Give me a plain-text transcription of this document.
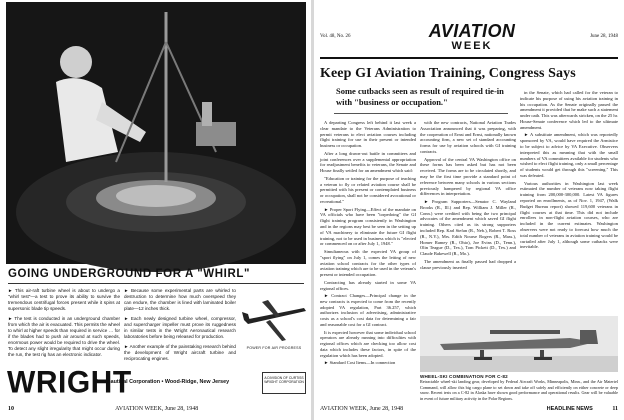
GOING UNDERGROUND FOR A "WHIRL"

► This air-raft turbine wheel is about to undergo a "whirl test"—a test to prove its ability to survive the tremendous centrifugal forces present while it spins at supersonic blade tip speeds.

► The test is conducted in an underground chamber from which the air is evacuated. This permits the wheel to whirl at higher speeds than required in service … for if the blades had to push air around at such speeds, enormous power would be required to drive the wheel. To detect any slight irregularity that might occur during the run, the test rig has an electronic indicator.

► Because some experimental parts are whirled to destruction to determine how much overspeed they can endure, the chamber is lined with laminated boiler plate—12 inches thick.

► Each newly designed turbine wheel, compressor, and supercharger impeller must prove its ruggedness in similar tests in the Wright Aeronautical research laboratories before being released for production.

► Another example of the painstaking research behind the development of Wright aircraft turbine and reciprocating engines.

POWER FOR AIR PROGRESS
WRIGHT
Aeronautical Corporation • Wood-Ridge, New Jersey
A DIVISION OF CURTISS WRIGHT CORPORATION
10	AVIATION WEEK, June 28, 1948
Vol. 48, No. 26	AVIATION
WEEK
June 28, 1948
Keep GI Aviation Training, Congress Says
Some cutbacks seen as result of required tie-in with "business or occupation."

A departing Congress left behind it last week a clear mandate to the Veterans Administration to permit veterans to elect aviation courses including flight training for use in their present or intended business or occupation.

After a long drawn-out battle in committees and joint conferences over a supplemental appropriation for readjustment benefits to veterans, the Senate and House finally settled for an amendment which said:

"Education or training for the purpose of teaching a veteran to fly or related aviation course shall be permitted with his present or contemplated business or occupation, shall not be considered avocational or recreational."

► Proper Sport Flying—Effect of the mandate on VA officials who have been "torpedoing" the GI flight training program consistently in Washington and in the regions may best be seen in the setting up of VA machinery to eliminate the future GI flight training, not to be used in business which is "elected or commenced on or after July 1, 1948."

Simultaneous with the expected VA group of "sport flying" on July 1, comes the letting of new aviation school contracts for the other types of aviation training which are to be used in the veteran's present or intended occupation.

Contracting has already started in some VA regional offices.

► Contract Changes—Principal change in the new contracts is expected to come from the recently adopted VA regulation, Part 36.257, which authorizes inclusion of advertising, administrative costs as a school's cost data for determining a fair and reasonable cost for a GI contract.

It is expected however that some individual school operators are already running into difficulties with regional offices which are checking too allow cost data which includes these factors, in spite of the regulation which has been adopted.

► Standard Cost Items—In connection

with the new contracts, National Aviation Trades Association announced that it was preparing, with the cooperation of Ernst and Ernst, nationally known accounting firm, a new set of standard accounting forms for use by aviation schools with GI training contracts.

Approval of the central VA Washington office on these forms has been asked but has not been received. The forms are to be circulated shortly, and may be the first time provide a standard point of reference between many schools in various sections previously hampered by regional VA office differences in interpretation.

► Program Supporters—Senator C. Wayland Brooks (R., Ill.) and Rep. William J. Miller (R., Conn.) were credited with being the two principal advocates of the amendment which saved GI flight training. Others cited as its strong supporters included Rep. Karl Stefan (R., Neb.), Robert T. Ross (R., N.Y.), Mrs. Edith Nourse Rogers (R., Mass.), Homer Ramey (R., Ohio), Joe Evins (D., Tenn.), Olin Teague (D., Tex.), Tom Pickett (D., Tex.) and Claude Bakewell (R., Mo.).

The amendment as finally passed had dropped a clause previously inserted

in the Senate, which had called for the veteran to indicate his purpose of using his aviation training in his occupation. As the Senate originally passed the amendment it provided that he make such a statement under oath. This was afterwards stricken, on the 25 hr. House-Senate conference which led to the ultimate amendment.

► A substitute amendment, which was reportedly sponsored by VA, would have required the Armistice to be subject to advice by VA Executive. Observers interpreted this as meaning that with the small numbers of VA committees available for students who wished to elect flight training, only a small percentage of students would get through this "screening." This was defeated.

Various authorities in Washington last week estimated the number of veterans now taking flight training from 200,000-300,000. Latest VA figures reported on enrollments, as of Nov. 1, 1947, (Walk Budget Bureau report) showed 119,600 veterans in flight courses at that time. This did not include enrollees in non-flight aviation courses, who are included in the current estimates. Washington observers were not ready to forecast how much the total number of veterans in aviation training would be curtailed after July 1, although some cutbacks were inevitable.

WHEEL-SKI COMBINATION FOR C-82
Retractable wheel-ski landing gear, developed by Federal Aircraft Works, Minneapolis, Minn., and the Air Materiel Command, will allow this big cargo plane to set down and take off safely and efficiently on either concrete or deep snow. Recent tests on a C-82 in Alaska have shown good performance and operational results. Gear will be valuable in event of future military activity in the Polar Regions.
AVIATION WEEK, June 28, 1948	HEADLINE NEWS	11
